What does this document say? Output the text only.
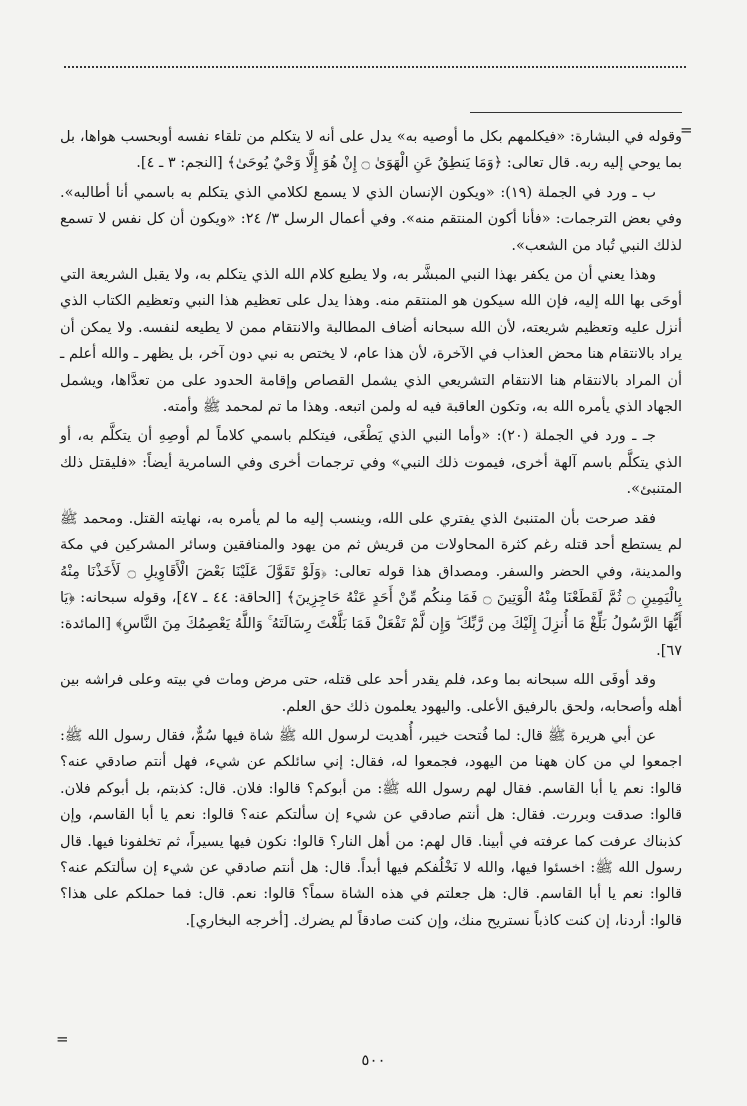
=
=

وقوله في البشارة: «فيكلمهم بكل ما أوصيه به» يدل على أنه لا يتكلم من تلقاء نفسه أوبحسب هواها، بل بما يوحي إليه ربه. قال تعالى: ﴿وَمَا يَنطِقُ عَنِ الْهَوَىٰ ۝ إِنْ هُوَ إِلَّا وَحْيٌ يُوحَىٰ﴾ [النجم: ٣ ـ ٤].

ب ـ ورد في الجملة (١٩): «ويكون الإنسان الذي لا يسمع لكلامي الذي يتكلم به باسمي أنا أطالبه». وفي بعض الترجمات: «فأنا أكون المنتقم منه». وفي أعمال الرسل ٣/ ٢٤: «ويكون أن كل نفس لا تسمع لذلك النبي تُباد من الشعب».

وهذا يعني أن من يكفر بهذا النبي المبشَّر به، ولا يطيع كلام الله الذي يتكلم به، ولا يقبل الشريعة التي أوحَى بها الله إليه، فإن الله سيكون هو المنتقم منه. وهذا يدل على تعظيم هذا النبي وتعظيم الكتاب الذي أنزل عليه وتعظيم شريعته، لأن الله سبحانه أضاف المطالبة والانتقام ممن لا يطيعه لنفسه. ولا يمكن أن يراد بالانتقام هنا محض العذاب في الآخرة، لأن هذا عام، لا يختص به نبي دون آخر، بل يظهر ـ والله أعلم ـ أن المراد بالانتقام هنا الانتقام التشريعي الذي يشمل القصاص وإقامة الحدود على من تعدَّاها، ويشمل الجهاد الذي يأمره الله به، وتكون العاقبة فيه له ولمن اتبعه. وهذا ما تم لمحمد ﷺ وأمته.

جـ ـ ورد في الجملة (٢٠): «وأما النبي الذي يَطْغَى، فيتكلم باسمي كلاماً لم أوصِهِ أن يتكلَّم به، أو الذي يتكلَّم باسم آلهة أخرى، فيموت ذلك النبي» وفي ترجمات أخرى وفي السامرية أيضاً: «فليقتل ذلك المتنبئ».

فقد صرحت بأن المتنبئ الذي يفتري على الله، وينسب إليه ما لم يأمره به، نهايته القتل. ومحمد ﷺ لم يستطع أحد قتله رغم كثرة المحاولات من قريش ثم من يهود والمنافقين وسائر المشركين في مكة والمدينة، وفي الحضر والسفر. ومصداق هذا قوله تعالى: ﴿وَلَوْ تَقَوَّلَ عَلَيْنَا بَعْضَ الْأَقَاوِيلِ ۝ لَأَخَذْنَا مِنْهُ بِالْيَمِينِ ۝ ثُمَّ لَقَطَعْنَا مِنْهُ الْوَتِينَ ۝ فَمَا مِنكُم مِّنْ أَحَدٍ عَنْهُ حَاجِزِينَ﴾ [الحاقة: ٤٤ ـ ٤٧]، وقوله سبحانه: ﴿يَا أَيُّهَا الرَّسُولُ بَلِّغْ مَا أُنزِلَ إِلَيْكَ مِن رَّبِّكَ ۖ وَإِن لَّمْ تَفْعَلْ فَمَا بَلَّغْتَ رِسَالَتَهُ ۚ وَاللَّهُ يَعْصِمُكَ مِنَ النَّاسِ﴾ [المائدة: ٦٧].

وقد أوفَى الله سبحانه بما وعد، فلم يقدر أحد على قتله، حتى مرض ومات في بيته وعلى فراشه بين أهله وأصحابه، ولحق بالرفيق الأعلى. واليهود يعلمون ذلك حق العلم.

عن أبي هريرة ﷺ قال: لما فُتحت خيبر، أُهديت لرسول الله ﷺ شاة فيها سُمٌّ، فقال رسول الله ﷺ: اجمعوا لي من كان ههنا من اليهود، فجمعوا له، فقال: إني سائلكم عن شيء، فهل أنتم صادقي عنه؟ قالوا: نعم يا أبا القاسم. فقال لهم رسول الله ﷺ: من أبوكم؟ قالوا: فلان. قال: كذبتم، بل أبوكم فلان. قالوا: صدقت وبررت. فقال: هل أنتم صادقي عن شيء إن سألتكم عنه؟ قالوا: نعم يا أبا القاسم، وإن كذبناك عرفت كما عرفته في أبينا. قال لهم: من أهل النار؟ قالوا: نكون فيها يسيراً، ثم تخلفونا فيها. قال رسول الله ﷺ: اخسئوا فيها، والله لا نَخْلُفكم فيها أبداً. قال: هل أنتم صادقي عن شيء إن سألتكم عنه؟ قالوا: نعم يا أبا القاسم. قال: هل جعلتم في هذه الشاة سماً؟ قالوا: نعم. قال: فما حملكم على هذا؟ قالوا: أردنا، إن كنت كاذباً نستريح منك، وإن كنت صادقاً لم يضرك. [أخرجه البخاري].

٥٠٠
